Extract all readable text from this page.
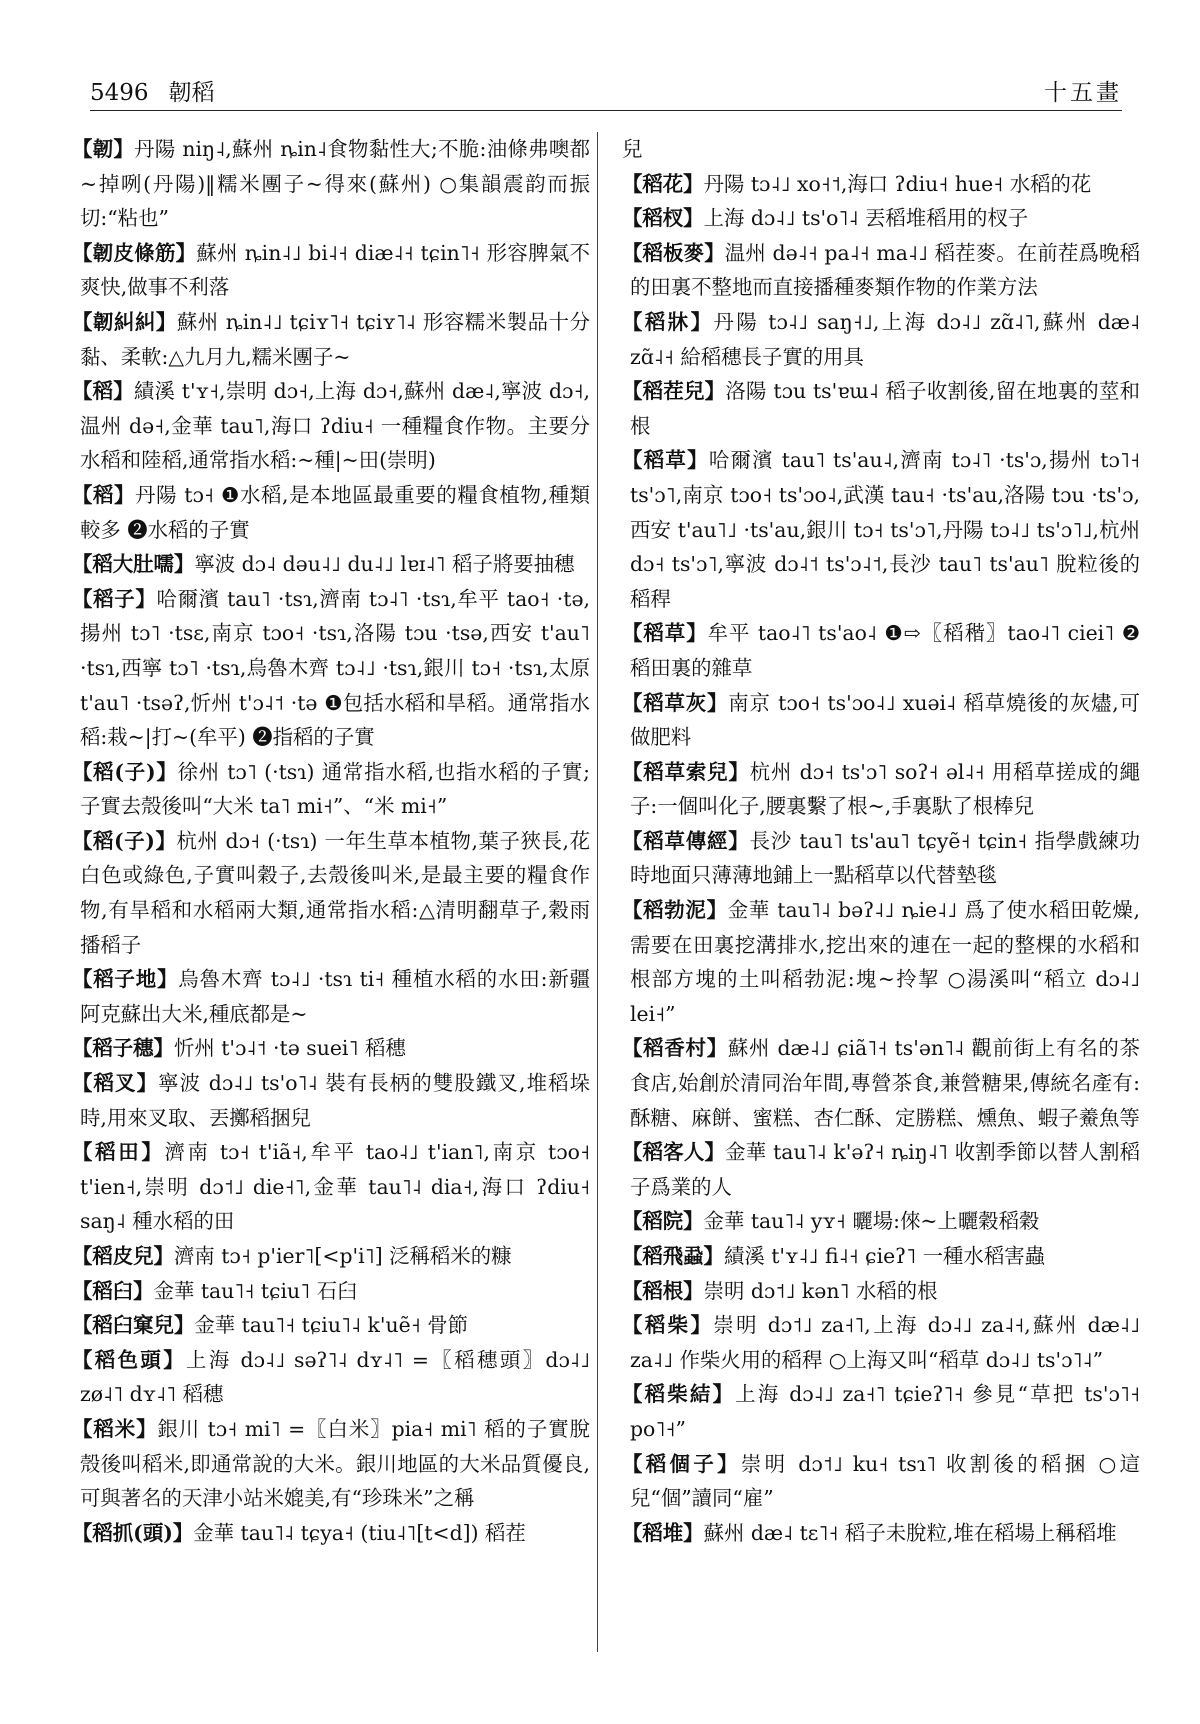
5496 韌稻	十五畫

【韌】丹陽 niŋ˨,蘇州 ȵin˨食物黏性大;不脆:油條弗噢都~掉咧(丹陽)‖糯米團子~得來(蘇州) ○集韻震韵而振切:“粘也”

【韌皮條筋】蘇州 ȵin˨˩ bi˨˧ diæ˨˧ tɕin˥˧ 形容脾氣不爽快,做事不利落

【韌糾糾】蘇州 ȵin˨˩ tɕiʏ˥˧ tɕiʏ˥˨ 形容糯米製品十分黏、柔軟:△九月九,糯米團子~

【稻】績溪 t'ʏ˧,崇明 dɔ˧,上海 dɔ˧,蘇州 dæ˨,寧波 dɔ˧,温州 də˧,金華 tau˥,海口 ʔdiu˧ 一種糧食作物。主要分水稻和陸稻,通常指水稻:~種|~田(崇明)

【稻】丹陽 tɔ˧ ❶水稻,是本地區最重要的糧食植物,種類較多 ❷水稻的子實

【稻大肚嚅】寧波 dɔ˨ dəu˨˩ du˨˩ lɐɪ˨˥ 稻子將要抽穗

【稻子】哈爾濱 tau˥ ·tsɿ,濟南 tɔ˨˥ ·tsɿ,牟平 tao˧ ·tə,揚州 tɔ˥ ·tsɛ,南京 tɔo˧ ·tsɿ,洛陽 tɔu ·tsə,西安 t'au˥ ·tsɿ,西寧 tɔ˥ ·tsɿ,烏魯木齊 tɔ˨˩ ·tsɿ,銀川 tɔ˧ ·tsɿ,太原 t'au˥ ·tsəʔ,忻州 t'ɔ˨˦ ·tə ❶包括水稻和旱稻。通常指水稻:栽~|打~(牟平) ❷指稻的子實

【稻(子)】徐州 tɔ˥ (·tsɿ) 通常指水稻,也指水稻的子實;子實去殼後叫“大米 ta˥ mi˧”、“米 mi˧”

【稻(子)】杭州 dɔ˧ (·tsɿ) 一年生草本植物,葉子狹長,花白色或綠色,子實叫穀子,去殼後叫米,是最主要的糧食作物,有旱稻和水稻兩大類,通常指水稻:△清明翻草子,穀雨播稻子

【稻子地】烏魯木齊 tɔ˨˩ ·tsɿ ti˧ 種植水稻的水田:新疆阿克蘇出大米,種底都是~

【稻子穗】忻州 t'ɔ˨˦ ·tə suei˥ 稻穗

【稻叉】寧波 dɔ˨˩ ts'o˥˨ 裝有長柄的雙股鐵叉,堆稻垛時,用來叉取、丟擲稻捆兒

【稻田】濟南 tɔ˧ t'iã˧,牟平 tao˨˩ t'ian˥,南京 tɔo˧ t'ien˧,崇明 dɔ˦˩ die˧˥,金華 tau˥˨ dia˧,海口 ʔdiu˧ saŋ˨ 種水稻的田

【稻皮兒】濟南 tɔ˧ p'ier˥[<p'i˥] 泛稱稻米的糠

【稻臼】金華 tau˥˧ tɕiu˥ 石臼

【稻臼窠兒】金華 tau˥˧ tɕiu˥˨ k'uẽ˧ 骨節

【稻色頭】上海 dɔ˨˩ səʔ˥˨ dʏ˨˥ =〖稻穗頭〗dɔ˨˩ zø˨˥ dʏ˨˥ 稻穗

【稻米】銀川 tɔ˧ mi˥ =〖白米〗pia˧ mi˥ 稻的子實脫殼後叫稻米,即通常說的大米。銀川地區的大米品質優良,可與著名的天津小站米媲美,有“珍珠米”之稱

【稻抓(頭)】金華 tau˥˨ tɕya˧ (tiu˨˥[t<d]) 稻茬

兒

【稻花】丹陽 tɔ˨˩ xo˧˦,海口 ʔdiu˧ hue˧ 水稻的花

【稻杈】上海 dɔ˨˩ ts'o˥˨ 丟稻堆稻用的杈子

【稻板麥】温州 də˨˧ pa˨˧ ma˨˩ 稻茬麥。在前茬爲晚稻的田裏不整地而直接播種麥類作物的作業方法

【稻牀】丹陽 tɔ˨˩ saŋ˧˩,上海 dɔ˨˩ zɑ̃˨˥,蘇州 dæ˨ zɑ̃˨˧ 給稻穗長子實的用具

【稻茬兒】洛陽 tɔu ts'ɐɯ˨ 稻子收割後,留在地裏的莖和根

【稻草】哈爾濱 tau˥ ts'au˨,濟南 tɔ˨˥ ·ts'ɔ,揚州 tɔ˥˧ ts'ɔ˥,南京 tɔo˧ ts'ɔo˨,武漢 tau˧ ·ts'au,洛陽 tɔu ·ts'ɔ,西安 t'au˥˩ ·ts'au,銀川 tɔ˧ ts'ɔ˥,丹陽 tɔ˨˩ ts'ɔ˥˩,杭州 dɔ˧ ts'ɔ˥,寧波 dɔ˨˦ ts'ɔ˨˦,長沙 tau˥ ts'au˥ 脫粒後的稻稈

【稻草】牟平 tao˨˥ ts'ao˨ ❶⇨〖稻稭〗tao˨˥ ciei˥ ❷稻田裏的雜草

【稻草灰】南京 tɔo˧ ts'ɔo˨˩ xuəi˨ 稻草燒後的灰燼,可做肥料

【稻草索兒】杭州 dɔ˧ ts'ɔ˥ soʔ˧ əl˨˧ 用稻草搓成的繩子:一個叫化子,腰裏繫了根~,手裏馱了根棒兒

【稻草傳經】長沙 tau˥ ts'au˥ tɕyẽ˧ tɕin˧ 指學戲練功時地面只薄薄地鋪上一點稻草以代替墊毯

【稻勃泥】金華 tau˥˨ bəʔ˨˩ ȵie˨˩ 爲了使水稻田乾燥,需要在田裏挖溝排水,挖出來的連在一起的整棵的水稻和根部方塊的土叫稻勃泥:塊~拎挈 ○湯溪叫“稻立 dɔ˨˩ lei˧”

【稻香村】蘇州 dæ˨˩ ɕiã˥˧ ts'ən˥˨ 觀前街上有名的茶食店,始創於清同治年間,專營茶食,兼營糖果,傳統名產有:酥糖、麻餅、蜜糕、杏仁酥、定勝糕、燻魚、蝦子鯗魚等

【稻客人】金華 tau˥˨ k'əʔ˧ ȵiŋ˨˥ 收割季節以替人割稻子爲業的人

【稻院】金華 tau˥˨ yʏ˧ 曬場:倈~上曬穀稻穀

【稻飛蝨】績溪 t'ʏ˨˩ fi˨˧ ɕieʔ˥ 一種水稻害蟲

【稻根】崇明 dɔ˦˩ kən˥ 水稻的根

【稻柴】崇明 dɔ˦˩ za˧˥,上海 dɔ˨˩ za˨˧,蘇州 dæ˨˩ za˨˩ 作柴火用的稻稈 ○上海又叫“稻草 dɔ˨˩ ts'ɔ˥˨”

【稻柴結】上海 dɔ˨˩ za˧˥ tɕieʔ˥˧ 參見“草把 ts'ɔ˥˧ po˥˧”

【稻個子】崇明 dɔ˦˩ ku˧ tsɿ˥ 收割後的稻捆 ○這兒“個”讀同“雇”

【稻堆】蘇州 dæ˨ tɛ˥˧ 稻子未脫粒,堆在稻場上稱稻堆
